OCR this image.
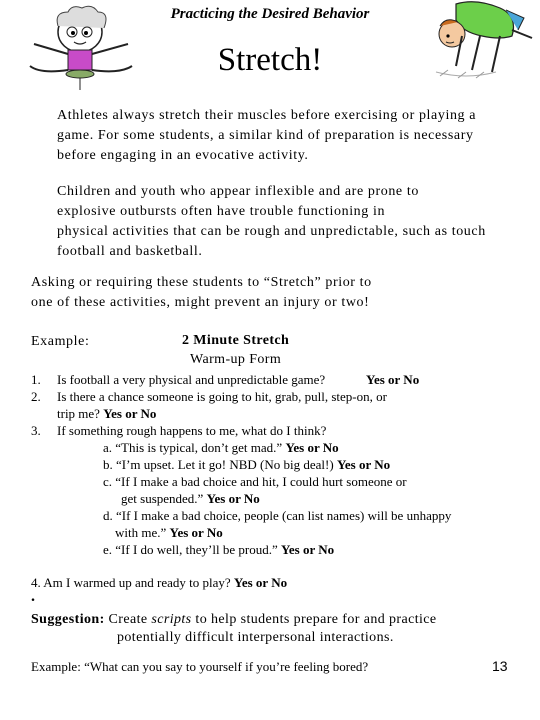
Practicing the Desired Behavior
Stretch!
Athletes always stretch their muscles before exercising or playing a
game. For some students, a similar kind of preparation is necessary
before engaging in an evocative activity.
Children and youth who appear inflexible and are prone to
explosive outbursts often have trouble functioning in
physical activities that can be rough and unpredictable, such as touch
football and basketball.
Asking or requiring these students to “Stretch” prior to
one of these activities, might prevent an injury or two!
Example:	2 Minute Stretch
Warm-up Form
1. Is football a very physical and unpredictable game?	Yes or No
2. Is there a chance someone is going to hit, grab, pull, step-on, or
trip me? Yes or No
3. If something rough happens to me, what do I think?
a. “This is typical, don’t get mad.” Yes or No
b. “I’m upset. Let it go! NBD (No big deal!) Yes or No
c. “If I make a bad choice and hit, I could hurt someone or
get suspended.” Yes or No
d. “If I make a bad choice, people (can list names) will be unhappy
with me.” Yes or No
e. “If I do well, they’ll be proud.” Yes or No
4. Am I warmed up and ready to play? Yes or No
.
Suggestion: Create scripts to help students prepare for and practice
potentially difficult interpersonal interactions.
Example: “What can you say to yourself if you’re feeling bored?	13
